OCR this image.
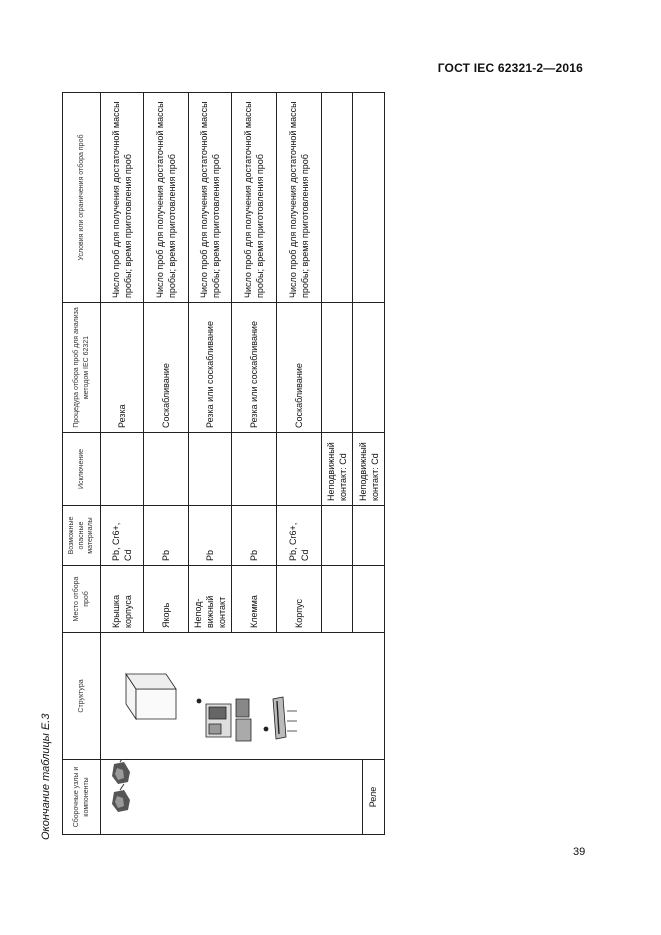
ГОСТ IEC 62321-2—2016
Окончание таблицы Е.3	Сборочные узлы и компоненты	Структура	Место отбора проб	Возможные опасные материалы	Исключение	Процедура отбора проб для анализа методом IEC 62321	Условия или ограничения отбора проб

Реле		Крышка корпуса	Pb, Cr6+, Cd		Резка	Число проб для получения достаточной массы пробы; время приготовления проб
		Якорь	Pb		Соскабливание	Число проб для получения достаточной массы пробы; время приготовления проб
		Непод-вижный контакт	Pb		Резка или соскабливание	Число проб для получения достаточной массы пробы; время приготовления проб
		Клемма	Pb		Резка или соскабливание	Число проб для получения достаточной массы пробы; время приготовления проб
		Корпус	Pb, Cr6+, Cd		Соскабливание	Число проб для получения достаточной массы пробы; время приготовления проб
				Неподвижный контакт: Cd		
				Неподвижный контакт: Cd		
39
